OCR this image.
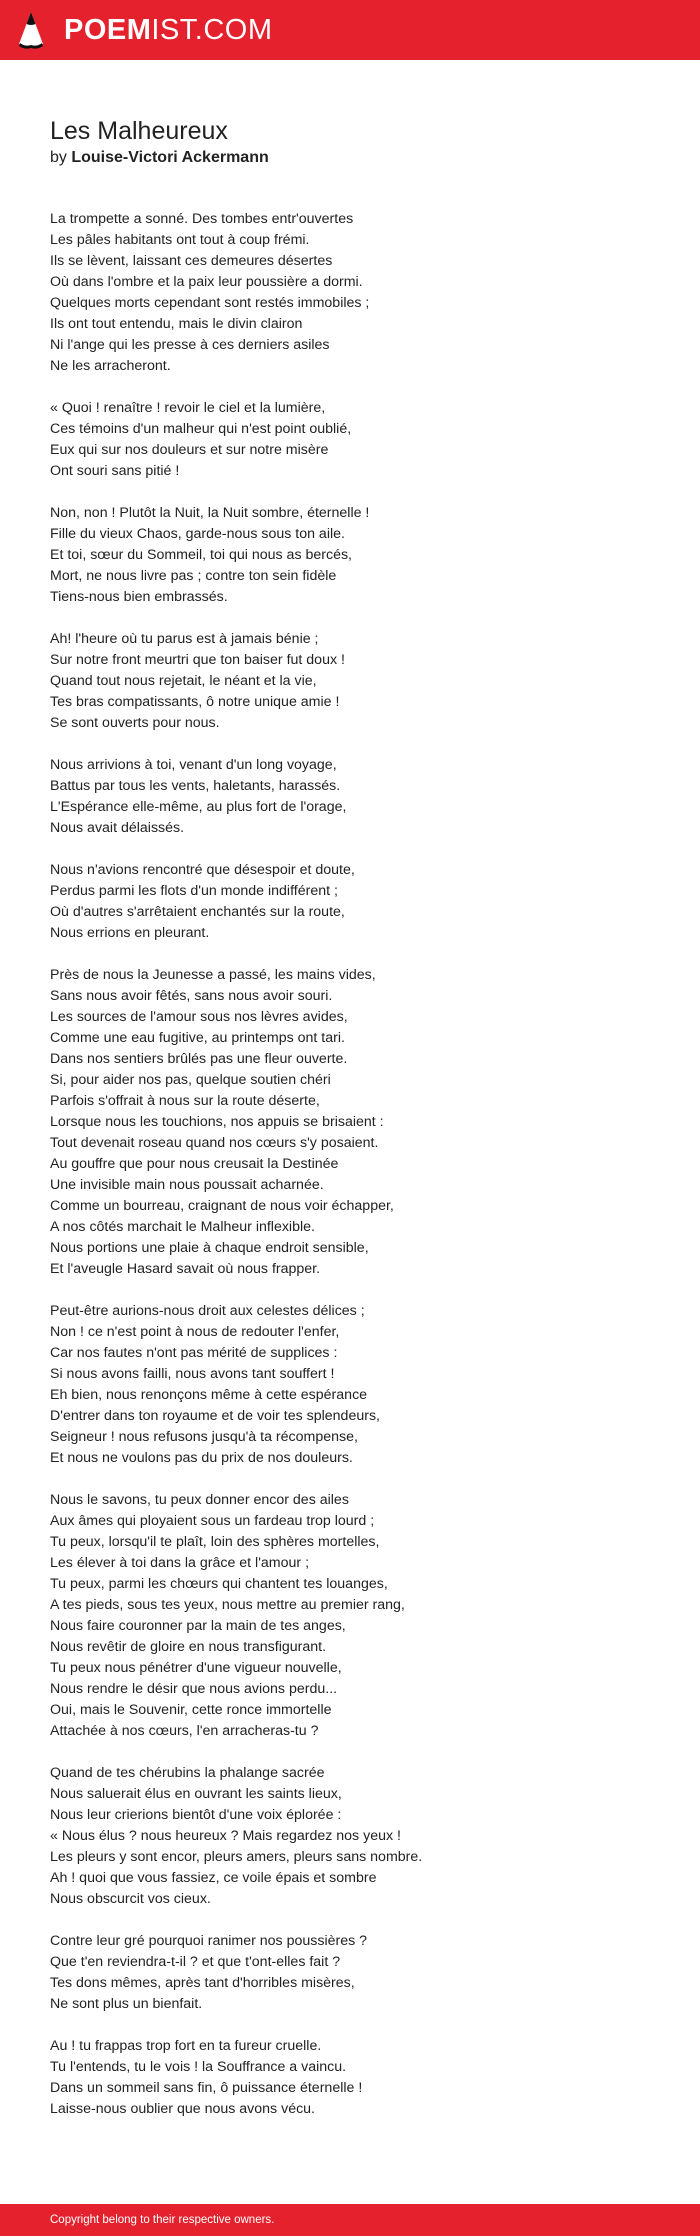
POEMIST.COM
Les Malheureux
by Louise-Victori Ackermann
La trompette a sonné. Des tombes entr'ouvertes
Les pâles habitants ont tout à coup frémi.
Ils se lèvent, laissant ces demeures désertes
Où dans l'ombre et la paix leur poussière a dormi.
Quelques morts cependant sont restés immobiles ;
Ils ont tout entendu, mais le divin clairon
Ni l'ange qui les presse à ces derniers asiles
Ne les arracheront.
« Quoi ! renaître ! revoir le ciel et la lumière,
Ces témoins d'un malheur qui n'est point oublié,
Eux qui sur nos douleurs et sur notre misère
Ont souri sans pitié !
Non, non ! Plutôt la Nuit, la Nuit sombre, éternelle !
Fille du vieux Chaos, garde-nous sous ton aile.
Et toi, sœur du Sommeil, toi qui nous as bercés,
Mort, ne nous livre pas ; contre ton sein fidèle
Tiens-nous bien embrassés.
Ah! l'heure où tu parus est à jamais bénie ;
Sur notre front meurtri que ton baiser fut doux !
Quand tout nous rejetait, le néant et la vie,
Tes bras compatissants, ô notre unique amie !
Se sont ouverts pour nous.
Nous arrivions à toi, venant d'un long voyage,
Battus par tous les vents, haletants, harassés.
L'Espérance elle-même, au plus fort de l'orage,
Nous avait délaissés.
Nous n'avions rencontré que désespoir et doute,
Perdus parmi les flots d'un monde indifférent ;
Où d'autres s'arrêtaient enchantés sur la route,
Nous errions en pleurant.
Près de nous la Jeunesse a passé, les mains vides,
Sans nous avoir fêtés, sans nous avoir souri.
Les sources de l'amour sous nos lèvres avides,
Comme une eau fugitive, au printemps ont tari.
Dans nos sentiers brûlés pas une fleur ouverte.
Si, pour aider nos pas, quelque soutien chéri
Parfois s'offrait à nous sur la route déserte,
Lorsque nous les touchions, nos appuis se brisaient :
Tout devenait roseau quand nos cœurs s'y posaient.
Au gouffre que pour nous creusait la Destinée
Une invisible main nous poussait acharnée.
Comme un bourreau, craignant de nous voir échapper,
A nos côtés marchait le Malheur inflexible.
Nous portions une plaie à chaque endroit sensible,
Et l'aveugle Hasard savait où nous frapper.
Peut-être aurions-nous droit aux celestes délices ;
Non ! ce n'est point à nous de redouter l'enfer,
Car nos fautes n'ont pas mérité de supplices :
Si nous avons failli, nous avons tant souffert !
Eh bien, nous renonçons même à cette espérance
D'entrer dans ton royaume et de voir tes splendeurs,
Seigneur ! nous refusons jusqu'à ta récompense,
Et nous ne voulons pas du prix de nos douleurs.
Nous le savons, tu peux donner encor des ailes
Aux âmes qui ployaient sous un fardeau trop lourd ;
Tu peux, lorsqu'il te plaît, loin des sphères mortelles,
Les élever à toi dans la grâce et l'amour ;
Tu peux, parmi les chœurs qui chantent tes louanges,
A tes pieds, sous tes yeux, nous mettre au premier rang,
Nous faire couronner par la main de tes anges,
Nous revêtir de gloire en nous transfigurant.
Tu peux nous pénétrer d'une vigueur nouvelle,
Nous rendre le désir que nous avions perdu...
Oui, mais le Souvenir, cette ronce immortelle
Attachée à nos cœurs, l'en arracheras-tu ?
Quand de tes chérubins la phalange sacrée
Nous saluerait élus en ouvrant les saints lieux,
Nous leur crierions bientôt d'une voix éplorée :
« Nous élus ? nous heureux ? Mais regardez nos yeux !
Les pleurs y sont encor, pleurs amers, pleurs sans nombre.
Ah ! quoi que vous fassiez, ce voile épais et sombre
Nous obscurcit vos cieux.
Contre leur gré pourquoi ranimer nos poussières ?
Que t'en reviendra-t-il ? et que t'ont-elles fait ?
Tes dons mêmes, après tant d'horribles misères,
Ne sont plus un bienfait.
Au ! tu frappas trop fort en ta fureur cruelle.
Tu l'entends, tu le vois ! la Souffrance a vaincu.
Dans un sommeil sans fin, ô puissance éternelle !
Laisse-nous oublier que nous avons vécu.
Copyright belong to their respective owners.
